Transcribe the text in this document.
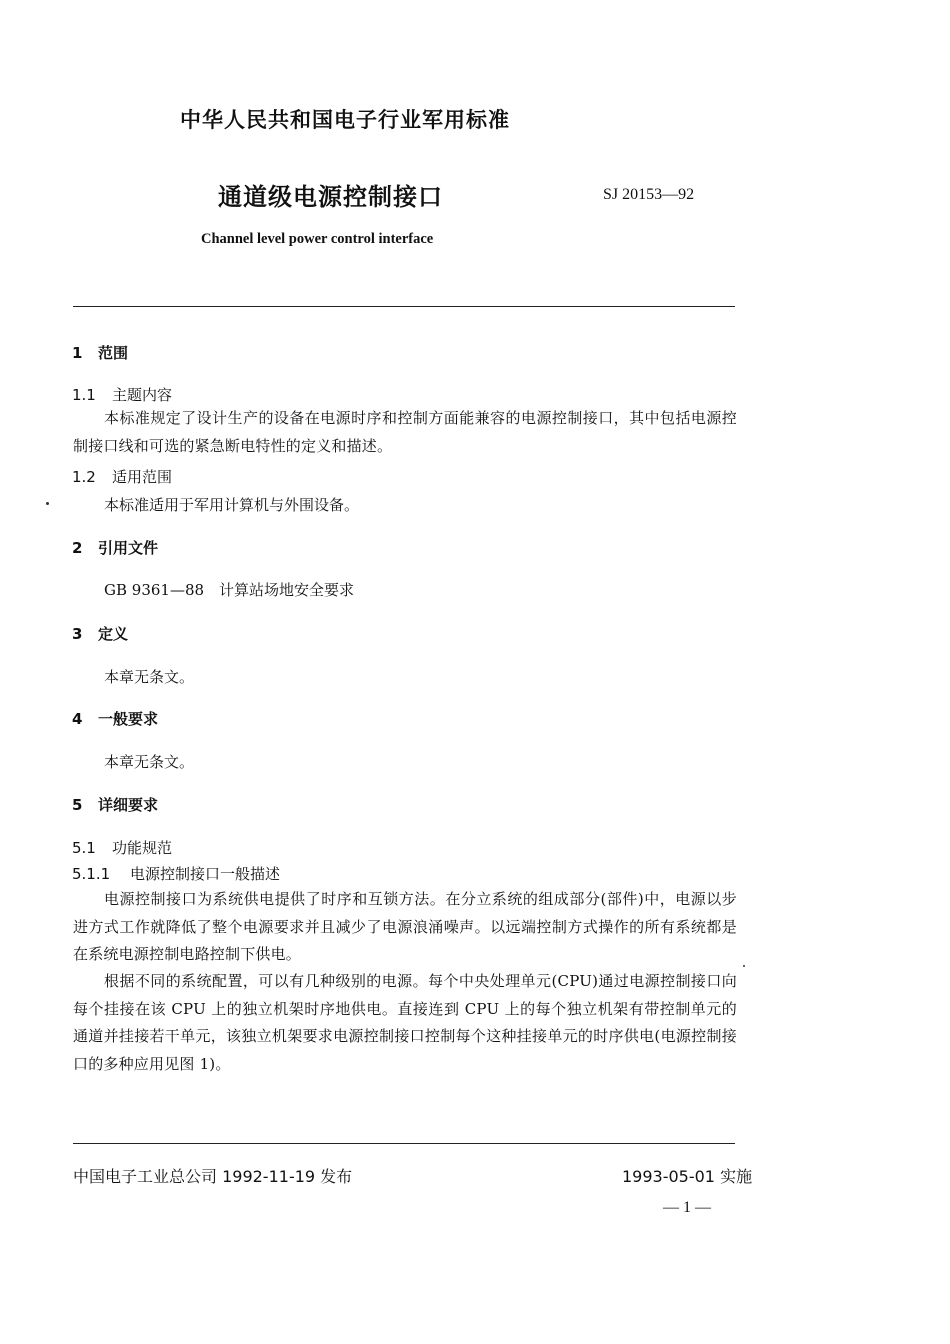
中华人民共和国电子行业军用标准
通道级电源控制接口	SJ 20153—92
Channel level power control interface
1 范围
1.1 主题内容
本标准规定了设计生产的设备在电源时序和控制方面能兼容的电源控制接口，其中包括电源控制接口线和可选的紧急断电特性的定义和描述。
1.2 适用范围
本标准适用于军用计算机与外围设备。
2 引用文件
GB 9361—88　计算站场地安全要求
3 定义
本章无条文。
4 一般要求
本章无条文。
5 详细要求
5.1 功能规范
5.1.1 电源控制接口一般描述
电源控制接口为系统供电提供了时序和互锁方法。在分立系统的组成部分(部件)中，电源以步进方式工作就降低了整个电源要求并且减少了电源浪涌噪声。以远端控制方式操作的所有系统都是在系统电源控制电路控制下供电。
根据不同的系统配置，可以有几种级别的电源。每个中央处理单元(CPU)通过电源控制接口向每个挂接在该 CPU 上的独立机架时序地供电。直接连到 CPU 上的每个独立机架有带控制单元的通道并挂接若干单元，该独立机架要求电源控制接口控制每个这种挂接单元的时序供电(电源控制接口的多种应用见图 1)。
中国电子工业总公司 1992-11-19 发布	1993-05-01 实施
— 1 —
